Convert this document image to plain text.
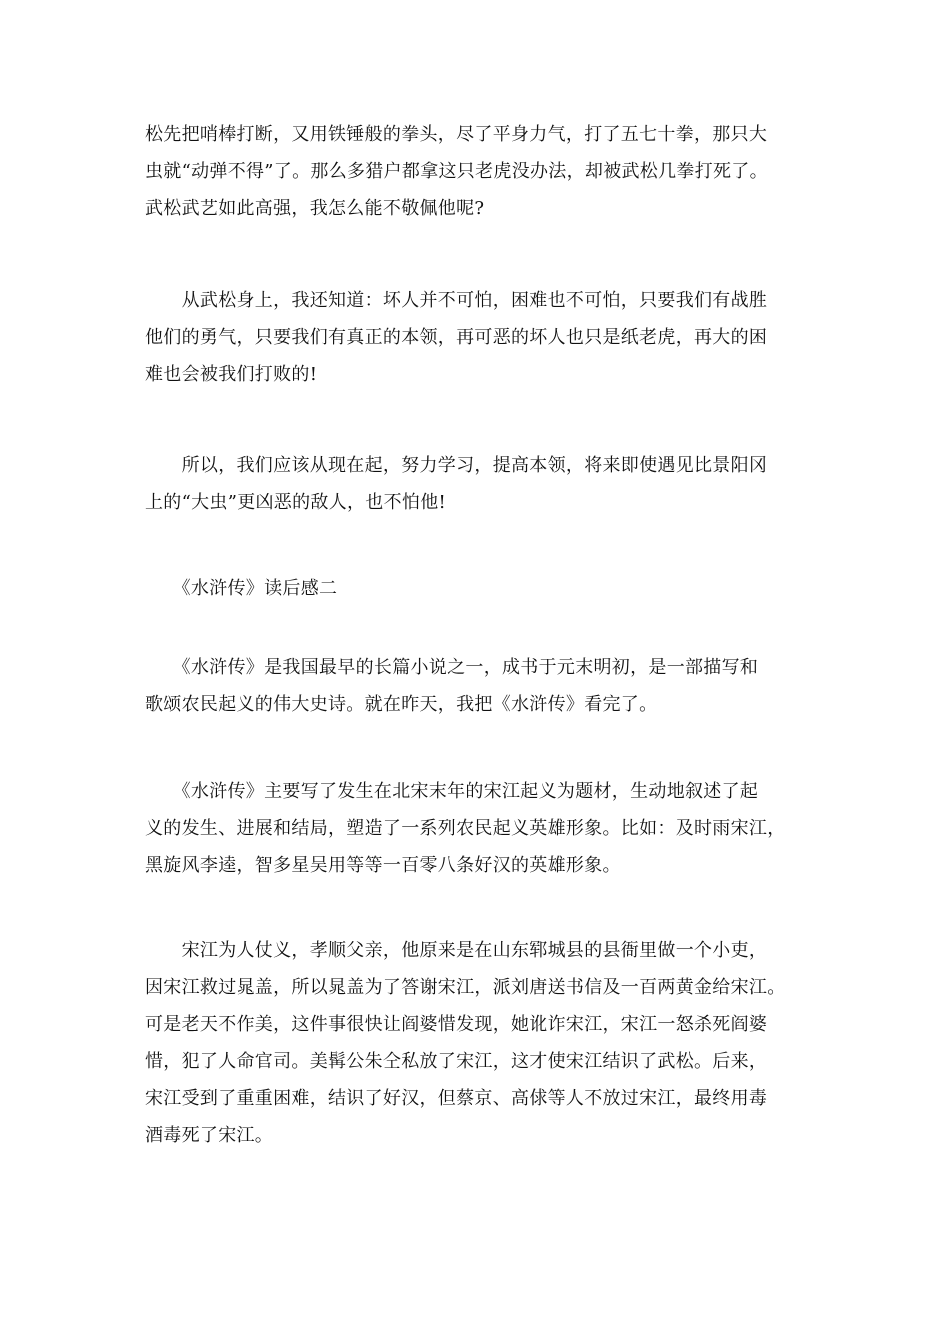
松先把哨棒打断，又用铁锤般的拳头，尽了平身力气，打了五七十拳，那只大
虫就“动弹不得”了。那么多猎户都拿这只老虎没办法，却被武松几拳打死了。
武松武艺如此高强，我怎么能不敬佩他呢?

　　从武松身上，我还知道：坏人并不可怕，困难也不可怕，只要我们有战胜
他们的勇气，只要我们有真正的本领，再可恶的坏人也只是纸老虎，再大的困
难也会被我们打败的!

　　所以，我们应该从现在起，努力学习，提高本领，将来即使遇见比景阳冈
上的“大虫”更凶恶的敌人，也不怕他!

　　《水浒传》读后感二

　　《水浒传》是我国最早的长篇小说之一，成书于元末明初，是一部描写和
歌颂农民起义的伟大史诗。就在昨天，我把《水浒传》看完了。

　　《水浒传》主要写了发生在北宋末年的宋江起义为题材，生动地叙述了起
义的发生、进展和结局，塑造了一系列农民起义英雄形象。比如：及时雨宋江，
黑旋风李逵，智多星吴用等等一百零八条好汉的英雄形象。

　　宋江为人仗义，孝顺父亲，他原来是在山东郓城县的县衙里做一个小吏，
因宋江救过晁盖，所以晁盖为了答谢宋江，派刘唐送书信及一百两黄金给宋江。
可是老天不作美，这件事很快让阎婆惜发现，她讹诈宋江，宋江一怒杀死阎婆
惜，犯了人命官司。美髯公朱仝私放了宋江，这才使宋江结识了武松。后来，
宋江受到了重重困难，结识了好汉，但蔡京、高俅等人不放过宋江，最终用毒
酒毒死了宋江。
